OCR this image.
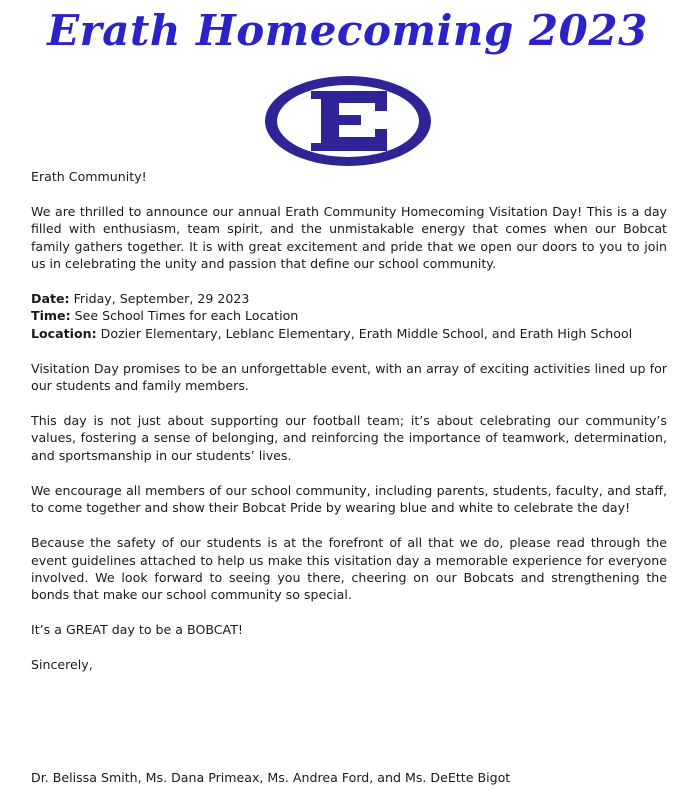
Erath Homecoming 2023

Erath Community!

We are thrilled to announce our annual Erath Community Homecoming Visitation Day! This is a day filled with enthusiasm, team spirit, and the unmistakable energy that comes when our Bobcat family gathers together. It is with great excitement and pride that we open our doors to you to join us in celebrating the unity and passion that define our school community.

Date: Friday, September, 29 2023
Time: See School Times for each Location
Location: Dozier Elementary, Leblanc Elementary, Erath Middle School, and Erath High School

Visitation Day promises to be an unforgettable event, with an array of exciting activities lined up for our students and family members.

This day is not just about supporting our football team; it’s about celebrating our community’s values, fostering a sense of belonging, and reinforcing the importance of teamwork, determination, and sportsmanship in our students’ lives.

We encourage all members of our school community, including parents, students, faculty, and staff, to come together and show their Bobcat Pride by wearing blue and white to celebrate the day!

Because the safety of our students is at the forefront of all that we do, please read through the event guidelines attached to help us make this visitation day a memorable experience for everyone involved. We look forward to seeing you there, cheering on our Bobcats and strengthening the bonds that make our school community so special.

It’s a GREAT day to be a BOBCAT!

Sincerely,

Dr. Belissa Smith, Ms. Dana Primeax, Ms. Andrea Ford, and Ms. DeEtte Bigot
